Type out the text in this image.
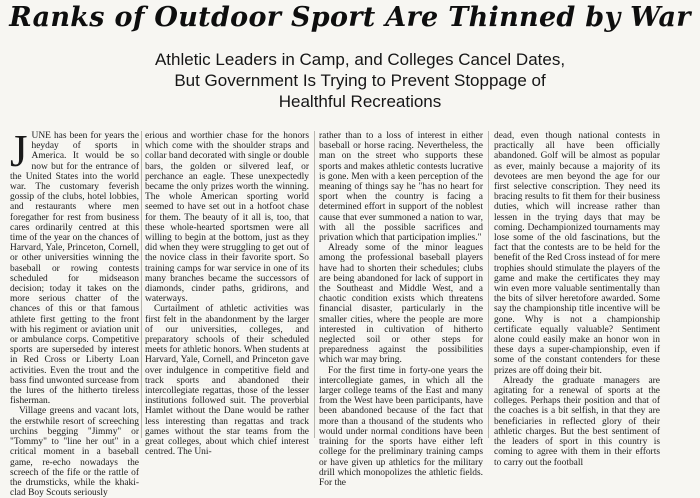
Ranks of Outdoor Sport Are Thinned by War
Athletic Leaders in Camp, and Colleges Cancel Dates, But Government Is Trying to Prevent Stoppage of Healthful Recreations
J UNE has been for years the heyday of sports in America. It would be so now but for the entrance of the United States into the world war. The customary feverish gossip of the clubs, hotel lobbies, and restaurants where men foregather for rest from business cares ordinarily centred at this time of the year on the chances of Harvard, Yale, Princeton, Cornell, or other universities winning the baseball or rowing contests scheduled for midseason decision; today it takes on the more serious chatter of the chances of this or that famous athlete first getting to the front with his regiment or aviation unit or ambulance corps. Competitive sports are superseded by interest in Red Cross or Liberty Loan activities. Even the trout and the bass find unwonted surcease from the lures of the hitherto tireless fisherman.

Village greens and vacant lots, the erstwhile resort of screeching urchins begging "Jimmy" or "Tommy" to "line her out" in a critical moment in a baseball game, re-echo nowadays the screech of the fife or the rattle of the drumsticks, while the khaki-clad Boy Scouts seriously

erious and worthier chase for the honors which come with the shoulder straps and collar band decorated with single or double bars, the golden or silvered leaf, or perchance an eagle. These unexpectedly became the only prizes worth the winning. The whole American sporting world seemed to have set out in a hotfoot chase for them. The beauty of it all is, too, that these whole-hearted sportsmen were all willing to begin at the bottom, just as they did when they were struggling to get out of the novice class in their favorite sport. So training camps for war service in one of its many branches became the successors of diamonds, cinder paths, gridirons, and waterways.

Curtailment of athletic activities was first felt in the abandonment by the larger of our universities, colleges, and preparatory schools of their scheduled meets for athletic honors. When students at Harvard, Yale, Cornell, and Princeton gave over indulgence in competitive field and track sports and abandoned their intercollegiate regattas, those of the lesser institutions followed suit. The proverbial Hamlet without the Dane would be rather less interesting than regattas and track games without the star teams from the great colleges, about which chief interest centred. The Uni-

rather than to a loss of interest in either baseball or horse racing. Nevertheless, the man on the street who supports these sports and makes athletic contests lucrative is gone. Men with a keen perception of the meaning of things say he "has no heart for sport when the country is facing a determined effort in support of the noblest cause that ever summoned a nation to war, with all the possible sacrifices and privation which that participation implies."

Already some of the minor leagues among the professional baseball players have had to shorten their schedules; clubs are being abandoned for lack of support in the Southeast and Middle West, and a chaotic condition exists which threatens financial disaster, particularly in the smaller cities, where the people are more interested in cultivation of hitherto neglected soil or other steps for preparedness against the possibilities which war may bring.

For the first time in forty-one years the intercollegiate games, in which all the larger college teams of the East and many from the West have been participants, have been abandoned because of the fact that more than a thousand of the students who would under normal conditions have been training for the sports have either left college for the preliminary training camps or have given up athletics for the military drill which monopolizes the athletic fields. For the

dead, even though national contests in practically all have been officially abandoned. Golf will be almost as popular as ever, mainly because a majority of its devotees are men beyond the age for our first selective conscription. They need its bracing results to fit them for their business duties, which will increase rather than lessen in the trying days that may be coming. Dechampionized tournaments may lose some of the old fascinations, but the fact that the contests are to be held for the benefit of the Red Cross instead of for mere trophies should stimulate the players of the game and make the certificates they may win even more valuable sentimentally than the bits of silver heretofore awarded. Some say the championship title incentive will be gone. Why is not a championship certificate equally valuable? Sentiment alone could easily make an honor won in these days a super-championship, even if some of the constant contenders for these prizes are off doing their bit.

Already the graduate managers are agitating for a renewal of sports at the colleges. Perhaps their position and that of the coaches is a bit selfish, in that they are beneficiaries in reflected glory of their athletic charges. But the best sentiment of the leaders of sport in this country is coming to agree with them in their efforts to carry out the football
